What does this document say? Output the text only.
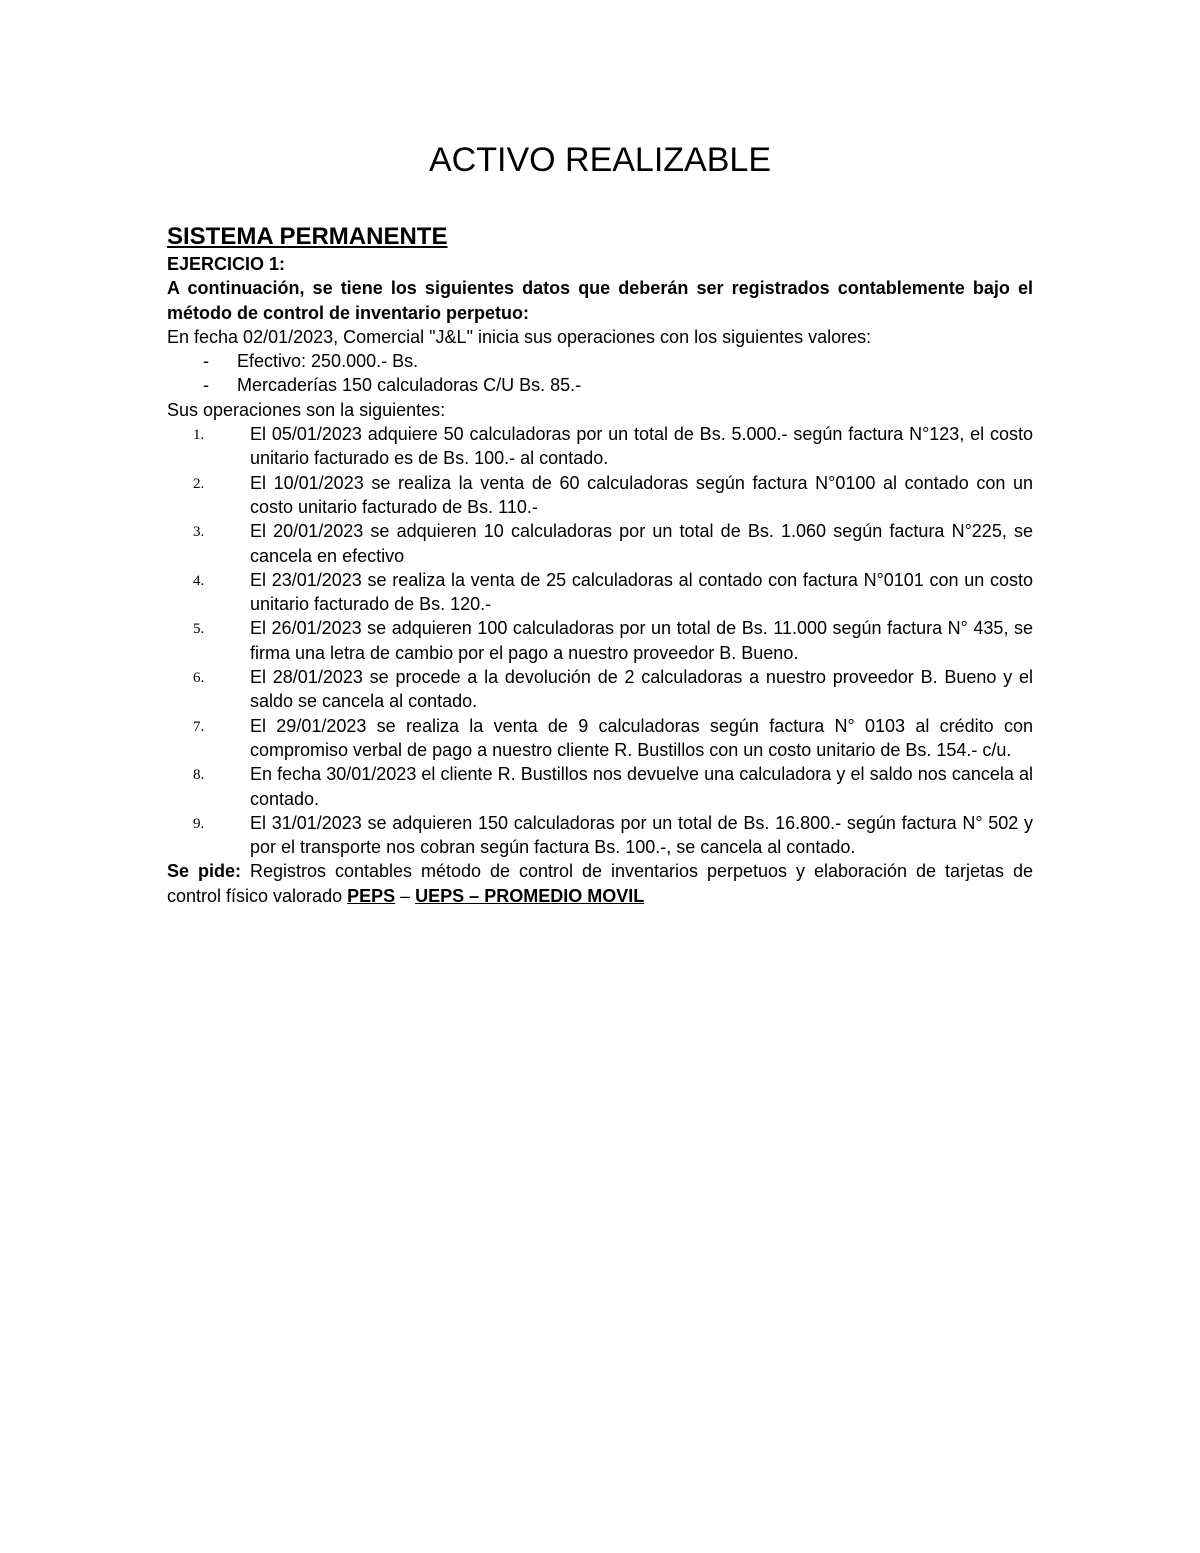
ACTIVO REALIZABLE
SISTEMA PERMANENTE

EJERCICIO 1:

A continuación, se tiene los siguientes datos que deberán ser registrados contablemente bajo el método de control de inventario perpetuo:

En fecha 02/01/2023, Comercial "J&L" inicia sus operaciones con los siguientes valores:

- Efectivo: 250.000.- Bs.
- Mercaderías 150 calculadoras C/U Bs. 85.-

Sus operaciones son la siguientes:

1.	El 05/01/2023 adquiere 50 calculadoras por un total de Bs. 5.000.- según factura N°123, el costo unitario facturado es de Bs. 100.- al contado.
2.	El 10/01/2023 se realiza la venta de 60 calculadoras según factura N°0100 al contado con un costo unitario facturado de Bs. 110.-
3.	El 20/01/2023 se adquieren 10 calculadoras por un total de Bs. 1.060 según factura N°225, se cancela en efectivo
4.	El 23/01/2023 se realiza la venta de 25 calculadoras al contado con factura N°0101 con un costo unitario facturado de Bs. 120.-
5.	El 26/01/2023 se adquieren 100 calculadoras por un total de Bs. 11.000 según factura N° 435, se firma una letra de cambio por el pago a nuestro proveedor B. Bueno.
6.	El 28/01/2023 se procede a la devolución de 2 calculadoras a nuestro proveedor B. Bueno y el saldo se cancela al contado.
7.	El 29/01/2023 se realiza la venta de 9 calculadoras según factura N° 0103 al crédito con compromiso verbal de pago a nuestro cliente R. Bustillos con un costo unitario de Bs. 154.- c/u.
8.	En fecha 30/01/2023 el cliente R. Bustillos nos devuelve una calculadora y el saldo nos cancela al contado.
9.	El 31/01/2023 se adquieren 150 calculadoras por un total de Bs. 16.800.- según factura N° 502 y por el transporte nos cobran según factura Bs. 100.-, se cancela al contado.

Se pide: Registros contables método de control de inventarios perpetuos y elaboración de tarjetas de control físico valorado PEPS – UEPS – PROMEDIO MOVIL
